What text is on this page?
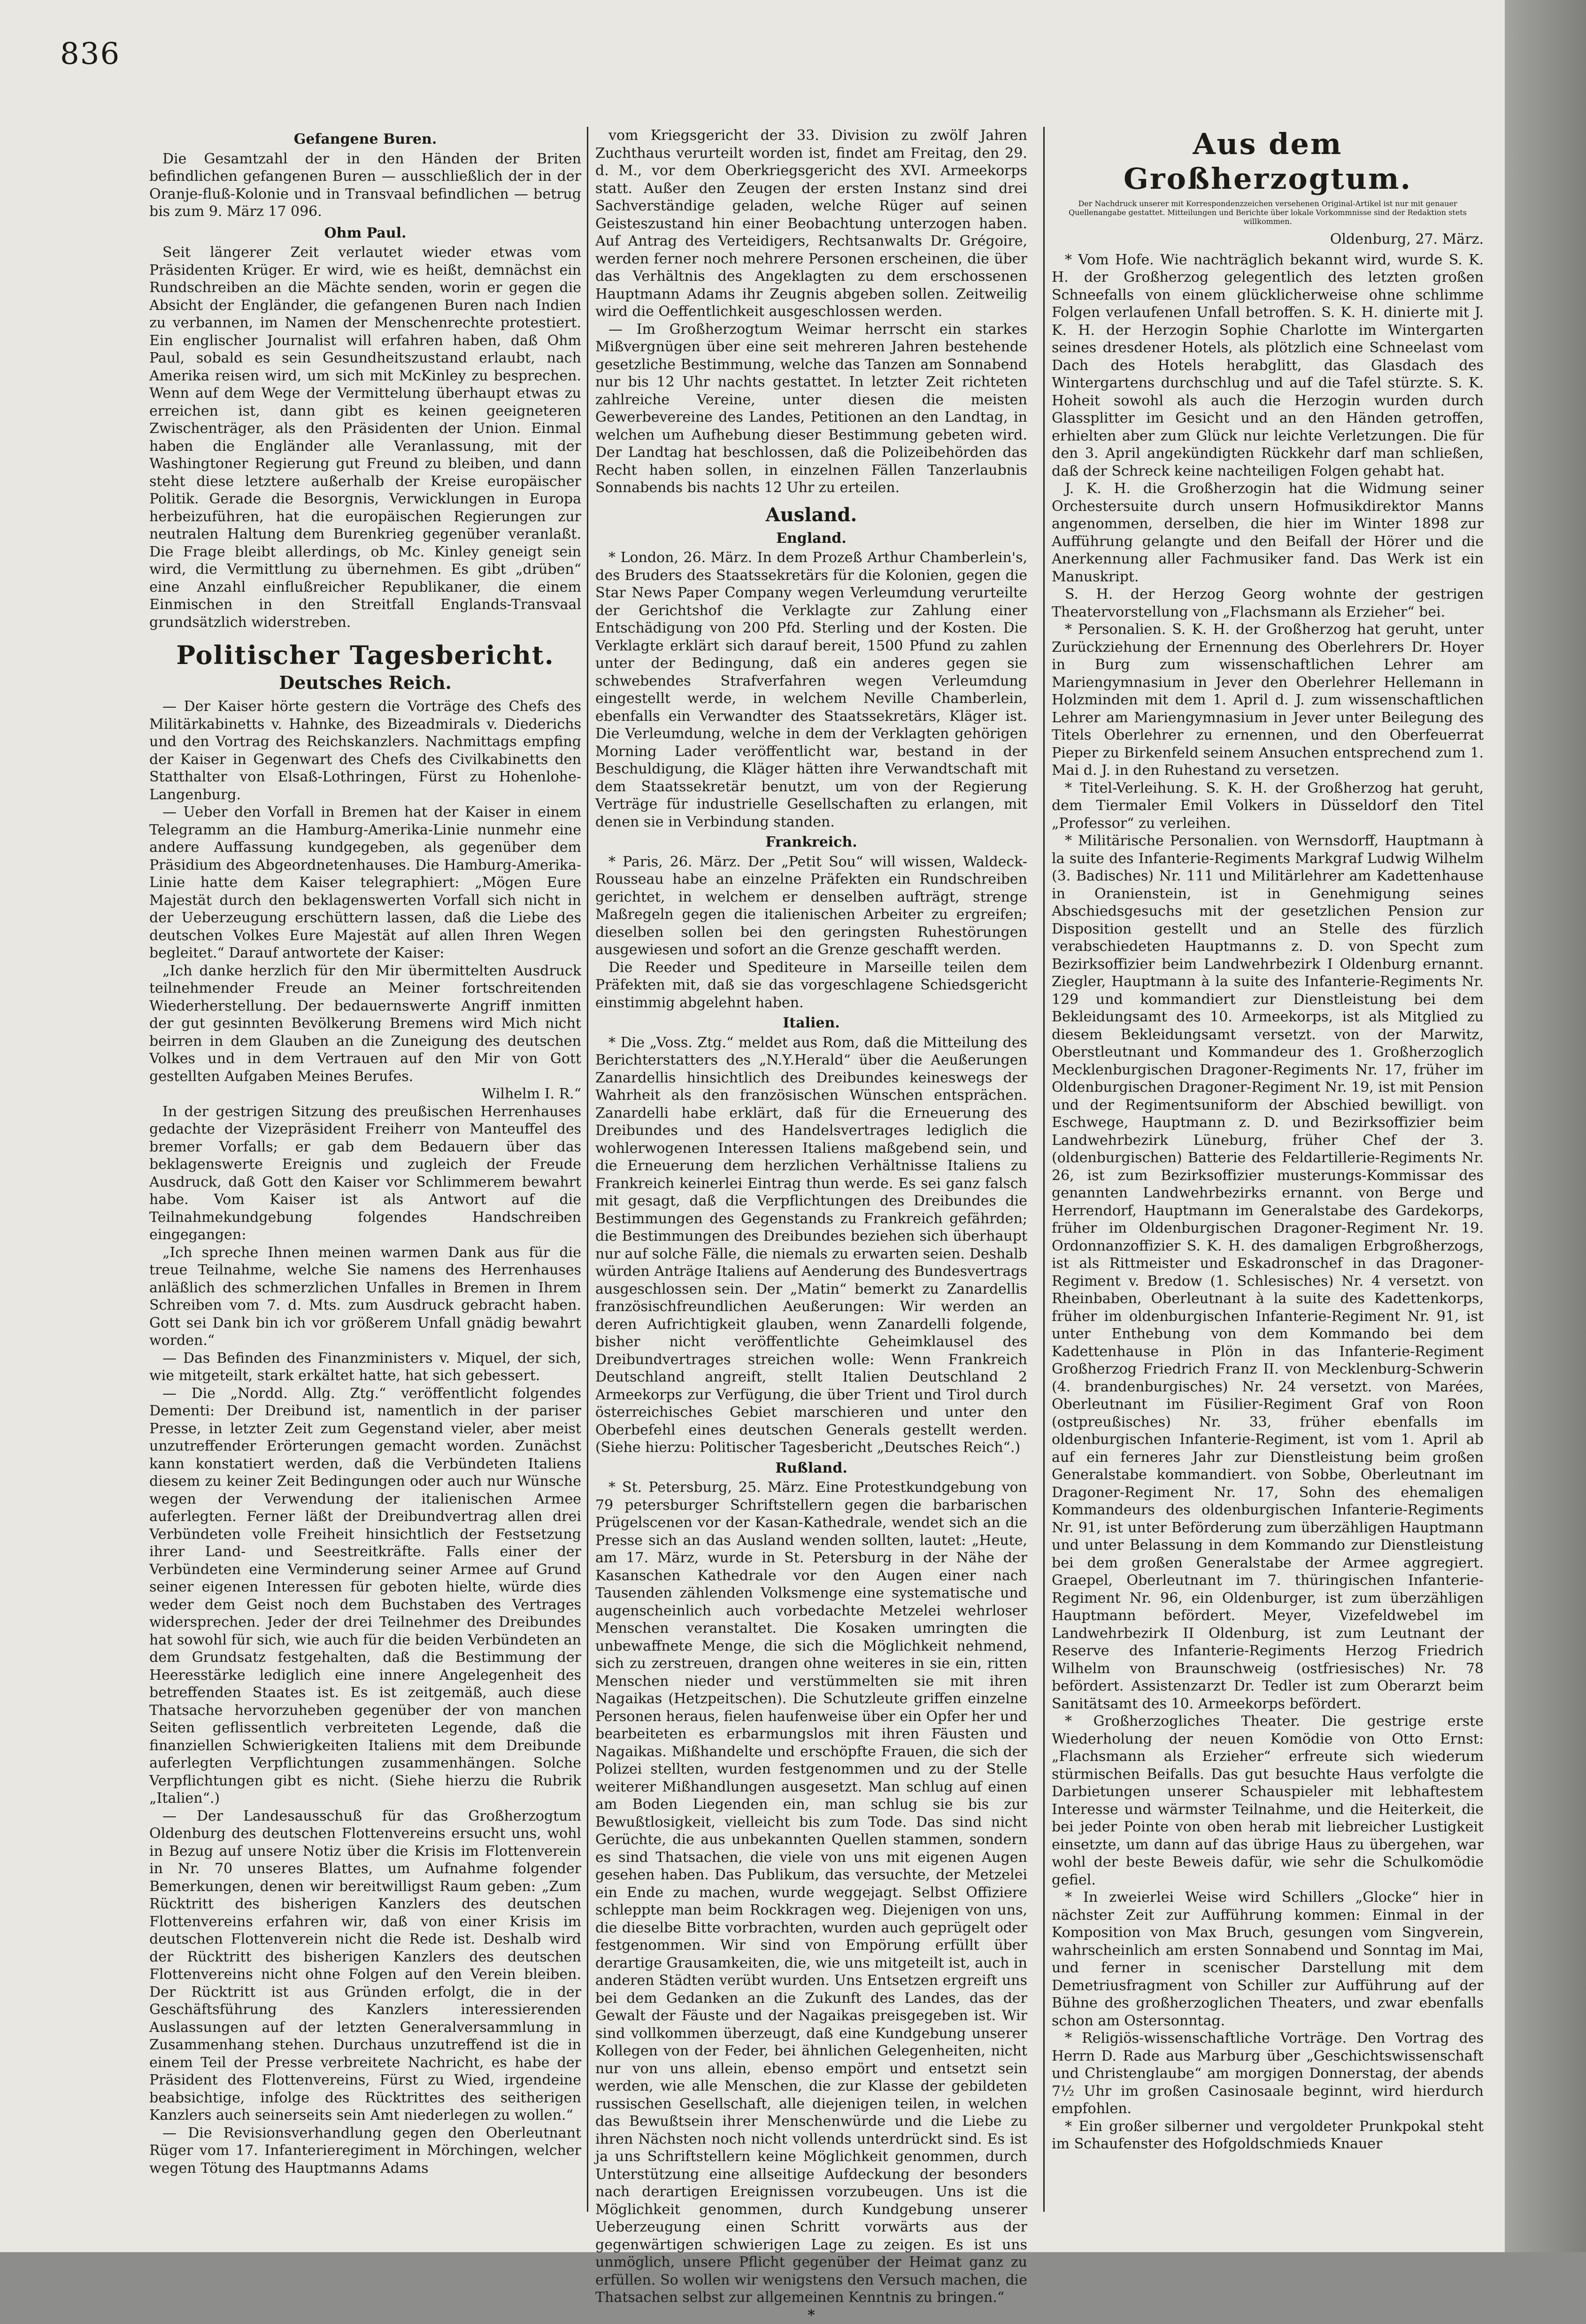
836

Gefangene Buren.

Die Gesamtzahl der in den Händen der Briten befindlichen gefangenen Buren — ausschließlich der in der Oranje-fluß-Kolonie und in Transvaal befindlichen — betrug bis zum 9. März 17 096.

Ohm Paul.

Seit längerer Zeit verlautet wieder etwas vom Präsidenten Krüger. Er wird, wie es heißt, demnächst ein Rundschreiben an die Mächte senden, worin er gegen die Absicht der Engländer, die gefangenen Buren nach Indien zu verbannen, im Namen der Menschenrechte protestiert. Ein englischer Journalist will erfahren haben, daß Ohm Paul, sobald es sein Gesundheitszustand erlaubt, nach Amerika reisen wird, um sich mit McKinley zu besprechen. Wenn auf dem Wege der Vermittelung überhaupt etwas zu erreichen ist, dann gibt es keinen geeigneteren Zwischenträger, als den Präsidenten der Union. Einmal haben die Engländer alle Veranlassung, mit der Washingtoner Regierung gut Freund zu bleiben, und dann steht diese letztere außerhalb der Kreise europäischer Politik. Gerade die Besorgnis, Verwicklungen in Europa herbeizuführen, hat die europäischen Regierungen zur neutralen Haltung dem Burenkrieg gegenüber veranlaßt. Die Frage bleibt allerdings, ob Mc. Kinley geneigt sein wird, die Vermittlung zu übernehmen. Es gibt „drüben“ eine Anzahl einflußreicher Republikaner, die einem Einmischen in den Streitfall Englands-Transvaal grundsätzlich widerstreben.

Politischer Tagesbericht.

Deutsches Reich.

— Der Kaiser hörte gestern die Vorträge des Chefs des Militärkabinetts v. Hahnke, des Bizeadmirals v. Diederichs und den Vortrag des Reichskanzlers. Nachmittags empfing der Kaiser in Gegenwart des Chefs des Civilkabinetts den Statthalter von Elsaß-Lothringen, Fürst zu Hohenlohe-Langenburg.

— Ueber den Vorfall in Bremen hat der Kaiser in einem Telegramm an die Hamburg-Amerika-Linie nunmehr eine andere Auffassung kundgegeben, als gegenüber dem Präsidium des Abgeordnetenhauses. Die Hamburg-Amerika-Linie hatte dem Kaiser telegraphiert: „Mögen Eure Majestät durch den beklagenswerten Vorfall sich nicht in der Ueberzeugung erschüttern lassen, daß die Liebe des deutschen Volkes Eure Majestät auf allen Ihren Wegen begleitet.“ Darauf antwortete der Kaiser:

„Ich danke herzlich für den Mir übermittelten Ausdruck teilnehmender Freude an Meiner fortschreitenden Wiederherstellung. Der bedauernswerte Angriff inmitten der gut gesinnten Bevölkerung Bremens wird Mich nicht beirren in dem Glauben an die Zuneigung des deutschen Volkes und in dem Vertrauen auf den Mir von Gott gestellten Aufgaben Meines Berufes.

Wilhelm I. R.“

In der gestrigen Sitzung des preußischen Herrenhauses gedachte der Vizepräsident Freiherr von Manteuffel des bremer Vorfalls; er gab dem Bedauern über das beklagenswerte Ereignis und zugleich der Freude Ausdruck, daß Gott den Kaiser vor Schlimmerem bewahrt habe. Vom Kaiser ist als Antwort auf die Teilnahmekundgebung folgendes Handschreiben eingegangen:

„Ich spreche Ihnen meinen warmen Dank aus für die treue Teilnahme, welche Sie namens des Herrenhauses anläßlich des schmerzlichen Unfalles in Bremen in Ihrem Schreiben vom 7. d. Mts. zum Ausdruck gebracht haben. Gott sei Dank bin ich vor größerem Unfall gnädig bewahrt worden.“

— Das Befinden des Finanzministers v. Miquel, der sich, wie mitgeteilt, stark erkältet hatte, hat sich gebessert.

— Die „Nordd. Allg. Ztg.“ veröffentlicht folgendes Dementi: Der Dreibund ist, namentlich in der pariser Presse, in letzter Zeit zum Gegenstand vieler, aber meist unzutreffender Erörterungen gemacht worden. Zunächst kann konstatiert werden, daß die Verbündeten Italiens diesem zu keiner Zeit Bedingungen oder auch nur Wünsche wegen der Verwendung der italienischen Armee auferlegten. Ferner läßt der Dreibundvertrag allen drei Verbündeten volle Freiheit hinsichtlich der Festsetzung ihrer Land- und Seestreitkräfte. Falls einer der Verbündeten eine Verminderung seiner Armee auf Grund seiner eigenen Interessen für geboten hielte, würde dies weder dem Geist noch dem Buchstaben des Vertrages widersprechen. Jeder der drei Teilnehmer des Dreibundes hat sowohl für sich, wie auch für die beiden Verbündeten an dem Grundsatz festgehalten, daß die Bestimmung der Heeresstärke lediglich eine innere Angelegenheit des betreffenden Staates ist. Es ist zeitgemäß, auch diese Thatsache hervorzuheben gegenüber der von manchen Seiten geflissentlich verbreiteten Legende, daß die finanziellen Schwierigkeiten Italiens mit dem Dreibunde auferlegten Verpflichtungen zusammenhängen. Solche Verpflichtungen gibt es nicht. (Siehe hierzu die Rubrik „Italien“.)

— Der Landesausschuß für das Großherzogtum Oldenburg des deutschen Flottenvereins ersucht uns, wohl in Bezug auf unsere Notiz über die Krisis im Flottenverein in Nr. 70 unseres Blattes, um Aufnahme folgender Bemerkungen, denen wir bereitwilligst Raum geben: „Zum Rücktritt des bisherigen Kanzlers des deutschen Flottenvereins erfahren wir, daß von einer Krisis im deutschen Flottenverein nicht die Rede ist. Deshalb wird der Rücktritt des bisherigen Kanzlers des deutschen Flottenvereins nicht ohne Folgen auf den Verein bleiben. Der Rücktritt ist aus Gründen erfolgt, die in der Geschäftsführung des Kanzlers interessierenden Auslassungen auf der letzten Generalversammlung in Zusammenhang stehen. Durchaus unzutreffend ist die in einem Teil der Presse verbreitete Nachricht, es habe der Präsident des Flottenvereins, Fürst zu Wied, irgendeine beabsichtige, infolge des Rücktrittes des seitherigen Kanzlers auch seinerseits sein Amt niederlegen zu wollen.“

— Die Revisionsverhandlung gegen den Oberleutnant Rüger vom 17. Infanterieregiment in Mörchingen, welcher wegen Tötung des Hauptmanns Adams

vom Kriegsgericht der 33. Division zu zwölf Jahren Zuchthaus verurteilt worden ist, findet am Freitag, den 29. d. M., vor dem Oberkriegsgericht des XVI. Armeekorps statt. Außer den Zeugen der ersten Instanz sind drei Sachverständige geladen, welche Rüger auf seinen Geisteszustand hin einer Beobachtung unterzogen haben. Auf Antrag des Verteidigers, Rechtsanwalts Dr. Grégoire, werden ferner noch mehrere Personen erscheinen, die über das Verhältnis des Angeklagten zu dem erschossenen Hauptmann Adams ihr Zeugnis abgeben sollen. Zeitweilig wird die Oeffentlichkeit ausgeschlossen werden.

— Im Großherzogtum Weimar herrscht ein starkes Mißvergnügen über eine seit mehreren Jahren bestehende gesetzliche Bestimmung, welche das Tanzen am Sonnabend nur bis 12 Uhr nachts gestattet. In letzter Zeit richteten zahlreiche Vereine, unter diesen die meisten Gewerbevereine des Landes, Petitionen an den Landtag, in welchen um Aufhebung dieser Bestimmung gebeten wird. Der Landtag hat beschlossen, daß die Polizeibehörden das Recht haben sollen, in einzelnen Fällen Tanzerlaubnis Sonnabends bis nachts 12 Uhr zu erteilen.

Ausland.

England.

* London, 26. März. In dem Prozeß Arthur Chamberlein's, des Bruders des Staatssekretärs für die Kolonien, gegen die Star News Paper Company wegen Verleumdung verurteilte der Gerichtshof die Verklagte zur Zahlung einer Entschädigung von 200 Pfd. Sterling und der Kosten. Die Verklagte erklärt sich darauf bereit, 1500 Pfund zu zahlen unter der Bedingung, daß ein anderes gegen sie schwebendes Strafverfahren wegen Verleumdung eingestellt werde, in welchem Neville Chamberlein, ebenfalls ein Verwandter des Staatssekretärs, Kläger ist. Die Verleumdung, welche in dem der Verklagten gehörigen Morning Lader veröffentlicht war, bestand in der Beschuldigung, die Kläger hätten ihre Verwandtschaft mit dem Staatssekretär benutzt, um von der Regierung Verträge für industrielle Gesellschaften zu erlangen, mit denen sie in Verbindung standen.

Frankreich.

* Paris, 26. März. Der „Petit Sou“ will wissen, Waldeck-Rousseau habe an einzelne Präfekten ein Rundschreiben gerichtet, in welchem er denselben aufträgt, strenge Maßregeln gegen die italienischen Arbeiter zu ergreifen; dieselben sollen bei den geringsten Ruhestörungen ausgewiesen und sofort an die Grenze geschafft werden.

Die Reeder und Spediteure in Marseille teilen dem Präfekten mit, daß sie das vorgeschlagene Schiedsgericht einstimmig abgelehnt haben.

Italien.

* Die „Voss. Ztg.“ meldet aus Rom, daß die Mitteilung des Berichterstatters des „N.Y.Herald“ über die Aeußerungen Zanardellis hinsichtlich des Dreibundes keineswegs der Wahrheit als den französischen Wünschen entsprächen. Zanardelli habe erklärt, daß für die Erneuerung des Dreibundes und des Handelsvertrages lediglich die wohlerwogenen Interessen Italiens maßgebend sein, und die Erneuerung dem herzlichen Verhältnisse Italiens zu Frankreich keinerlei Eintrag thun werde. Es sei ganz falsch mit gesagt, daß die Verpflichtungen des Dreibundes die Bestimmungen des Gegenstands zu Frankreich gefährden; die Bestimmungen des Dreibundes beziehen sich überhaupt nur auf solche Fälle, die niemals zu erwarten seien. Deshalb würden Anträge Italiens auf Aenderung des Bundesvertrags ausgeschlossen sein. Der „Matin“ bemerkt zu Zanardellis französischfreundlichen Aeußerungen: Wir werden an deren Aufrichtigkeit glauben, wenn Zanardelli folgende, bisher nicht veröffentlichte Geheimklausel des Dreibundvertrages streichen wolle: Wenn Frankreich Deutschland angreift, stellt Italien Deutschland 2 Armeekorps zur Verfügung, die über Trient und Tirol durch österreichisches Gebiet marschieren und unter den Oberbefehl eines deutschen Generals gestellt werden. (Siehe hierzu: Politischer Tagesbericht „Deutsches Reich“.)

Rußland.

* St. Petersburg, 25. März. Eine Protestkundgebung von 79 petersburger Schriftstellern gegen die barbarischen Prügelscenen vor der Kasan-Kathedrale, wendet sich an die Presse sich an das Ausland wenden sollten, lautet: „Heute, am 17. März, wurde in St. Petersburg in der Nähe der Kasanschen Kathedrale vor den Augen einer nach Tausenden zählenden Volksmenge eine systematische und augenscheinlich auch vorbedachte Metzelei wehrloser Menschen veranstaltet. Die Kosaken umringten die unbewaffnete Menge, die sich die Möglichkeit nehmend, sich zu zerstreuen, drangen ohne weiteres in sie ein, ritten Menschen nieder und verstümmelten sie mit ihren Nagaikas (Hetzpeitschen). Die Schutzleute griffen einzelne Personen heraus, fielen haufenweise über ein Opfer her und bearbeiteten es erbarmungslos mit ihren Fäusten und Nagaikas. Mißhandelte und erschöpfte Frauen, die sich der Polizei stellten, wurden festgenommen und zu der Stelle weiterer Mißhandlungen ausgesetzt. Man schlug auf einen am Boden Liegenden ein, man schlug sie bis zur Bewußtlosigkeit, vielleicht bis zum Tode. Das sind nicht Gerüchte, die aus unbekannten Quellen stammen, sondern es sind Thatsachen, die viele von uns mit eigenen Augen gesehen haben. Das Publikum, das versuchte, der Metzelei ein Ende zu machen, wurde weggejagt. Selbst Offiziere schleppte man beim Rockkragen weg. Diejenigen von uns, die dieselbe Bitte vorbrachten, wurden auch geprügelt oder festgenommen. Wir sind von Empörung erfüllt über derartige Grausamkeiten, die, wie uns mitgeteilt ist, auch in anderen Städten verübt wurden. Uns Entsetzen ergreift uns bei dem Gedanken an die Zukunft des Landes, das der Gewalt der Fäuste und der Nagaikas preisgegeben ist. Wir sind vollkommen überzeugt, daß eine Kundgebung unserer Kollegen von der Feder, bei ähnlichen Gelegenheiten, nicht nur von uns allein, ebenso empört und entsetzt sein werden, wie alle Menschen, die zur Klasse der gebildeten russischen Gesellschaft, alle diejenigen teilen, in welchen das Bewußtsein ihrer Menschenwürde und die Liebe zu ihren Nächsten noch nicht vollends unterdrückt sind. Es ist ja uns Schriftstellern keine Möglichkeit genommen, durch Unterstützung eine allseitige Aufdeckung der besonders nach derartigen Ereignissen vorzubeugen. Uns ist die Möglichkeit genommen, durch Kundgebung unserer Ueberzeugung einen Schritt vorwärts aus der gegenwärtigen schwierigen Lage zu zeigen. Es ist uns unmöglich, unsere Pflicht gegenüber der Heimat ganz zu erfüllen. So wollen wir wenigstens den Versuch machen, die Thatsachen selbst zur allgemeinen Kenntnis zu bringen.“

*

Aus dem Großherzogtum.

Der Nachdruck unserer mit Korrespondenzzeichen versehenen Original-Artikel ist nur mit genauer Quellenangabe gestattet. Mitteilungen und Berichte über lokale Vorkommnisse sind der Redaktion stets willkommen.

Oldenburg, 27. März.

* Vom Hofe. Wie nachträglich bekannt wird, wurde S. K. H. der Großherzog gelegentlich des letzten großen Schneefalls von einem glücklicherweise ohne schlimme Folgen verlaufenen Unfall betroffen. S. K. H. dinierte mit J. K. H. der Herzogin Sophie Charlotte im Wintergarten seines dresdener Hotels, als plötzlich eine Schneelast vom Dach des Hotels herabglitt, das Glasdach des Wintergartens durchschlug und auf die Tafel stürzte. S. K. Hoheit sowohl als auch die Herzogin wurden durch Glassplitter im Gesicht und an den Händen getroffen, erhielten aber zum Glück nur leichte Verletzungen. Die für den 3. April angekündigten Rückkehr darf man schließen, daß der Schreck keine nachteiligen Folgen gehabt hat.

J. K. H. die Großherzogin hat die Widmung seiner Orchestersuite durch unsern Hofmusikdirektor Manns angenommen, derselben, die hier im Winter 1898 zur Aufführung gelangte und den Beifall der Hörer und die Anerkennung aller Fachmusiker fand. Das Werk ist ein Manuskript.

S. H. der Herzog Georg wohnte der gestrigen Theatervorstellung von „Flachsmann als Erzieher“ bei.

* Personalien. S. K. H. der Großherzog hat geruht, unter Zurückziehung der Ernennung des Oberlehrers Dr. Hoyer in Burg zum wissenschaftlichen Lehrer am Mariengymnasium in Jever den Oberlehrer Hellemann in Holzminden mit dem 1. April d. J. zum wissenschaftlichen Lehrer am Mariengymnasium in Jever unter Beilegung des Titels Oberlehrer zu ernennen, und den Oberfeuerrat Pieper zu Birkenfeld seinem Ansuchen entsprechend zum 1. Mai d. J. in den Ruhestand zu versetzen.

* Titel-Verleihung. S. K. H. der Großherzog hat geruht, dem Tiermaler Emil Volkers in Düsseldorf den Titel „Professor“ zu verleihen.

* Militärische Personalien. von Wernsdorff, Hauptmann à la suite des Infanterie-Regiments Markgraf Ludwig Wilhelm (3. Badisches) Nr. 111 und Militärlehrer am Kadettenhause in Oranienstein, ist in Genehmigung seines Abschiedsgesuchs mit der gesetzlichen Pension zur Disposition gestellt und an Stelle des fürzlich verabschiedeten Hauptmanns z. D. von Specht zum Bezirksoffizier beim Landwehrbezirk I Oldenburg ernannt. Ziegler, Hauptmann à la suite des Infanterie-Regiments Nr. 129 und kommandiert zur Dienstleistung bei dem Bekleidungsamt des 10. Armeekorps, ist als Mitglied zu diesem Bekleidungsamt versetzt. von der Marwitz, Oberstleutnant und Kommandeur des 1. Großherzoglich Mecklenburgischen Dragoner-Regiments Nr. 17, früher im Oldenburgischen Dragoner-Regiment Nr. 19, ist mit Pension und der Regimentsuniform der Abschied bewilligt. von Eschwege, Hauptmann z. D. und Bezirksoffizier beim Landwehrbezirk Lüneburg, früher Chef der 3. (oldenburgischen) Batterie des Feldartillerie-Regiments Nr. 26, ist zum Bezirksoffizier musterungs-Kommissar des genannten Landwehrbezirks ernannt. von Berge und Herrendorf, Hauptmann im Generalstabe des Gardekorps, früher im Oldenburgischen Dragoner-Regiment Nr. 19. Ordonnanzoffizier S. K. H. des damaligen Erbgroßherzogs, ist als Rittmeister und Eskadronschef in das Dragoner-Regiment v. Bredow (1. Schlesisches) Nr. 4 versetzt. von Rheinbaben, Oberleutnant à la suite des Kadettenkorps, früher im oldenburgischen Infanterie-Regiment Nr. 91, ist unter Enthebung von dem Kommando bei dem Kadettenhause in Plön in das Infanterie-Regiment Großherzog Friedrich Franz II. von Mecklenburg-Schwerin (4. brandenburgisches) Nr. 24 versetzt. von Marées, Oberleutnant im Füsilier-Regiment Graf von Roon (ostpreußisches) Nr. 33, früher ebenfalls im oldenburgischen Infanterie-Regiment, ist vom 1. April ab auf ein ferneres Jahr zur Dienstleistung beim großen Generalstabe kommandiert. von Sobbe, Oberleutnant im Dragoner-Regiment Nr. 17, Sohn des ehemaligen Kommandeurs des oldenburgischen Infanterie-Regiments Nr. 91, ist unter Beförderung zum überzähligen Hauptmann und unter Belassung in dem Kommando zur Dienstleistung bei dem großen Generalstabe der Armee aggregiert. Graepel, Oberleutnant im 7. thüringischen Infanterie-Regiment Nr. 96, ein Oldenburger, ist zum überzähligen Hauptmann befördert. Meyer, Vizefeldwebel im Landwehrbezirk II Oldenburg, ist zum Leutnant der Reserve des Infanterie-Regiments Herzog Friedrich Wilhelm von Braunschweig (ostfriesisches) Nr. 78 befördert. Assistenzarzt Dr. Tedler ist zum Oberarzt beim Sanitätsamt des 10. Armeekorps befördert.

* Großherzogliches Theater. Die gestrige erste Wiederholung der neuen Komödie von Otto Ernst: „Flachsmann als Erzieher“ erfreute sich wiederum stürmischen Beifalls. Das gut besuchte Haus verfolgte die Darbietungen unserer Schauspieler mit lebhaftestem Interesse und wärmster Teilnahme, und die Heiterkeit, die bei jeder Pointe von oben herab mit liebreicher Lustigkeit einsetzte, um dann auf das übrige Haus zu übergehen, war wohl der beste Beweis dafür, wie sehr die Schulkomödie gefiel.

* In zweierlei Weise wird Schillers „Glocke“ hier in nächster Zeit zur Aufführung kommen: Einmal in der Komposition von Max Bruch, gesungen vom Singverein, wahrscheinlich am ersten Sonnabend und Sonntag im Mai, und ferner in scenischer Darstellung mit dem Demetriusfragment von Schiller zur Aufführung auf der Bühne des großherzoglichen Theaters, und zwar ebenfalls schon am Ostersonntag.

* Religiös-wissenschaftliche Vorträge. Den Vortrag des Herrn D. Rade aus Marburg über „Geschichtswissenschaft und Christenglaube“ am morgigen Donnerstag, der abends 7½ Uhr im großen Casinosaale beginnt, wird hierdurch empfohlen.

* Ein großer silberner und vergoldeter Prunkpokal steht im Schaufenster des Hofgoldschmieds Knauer
